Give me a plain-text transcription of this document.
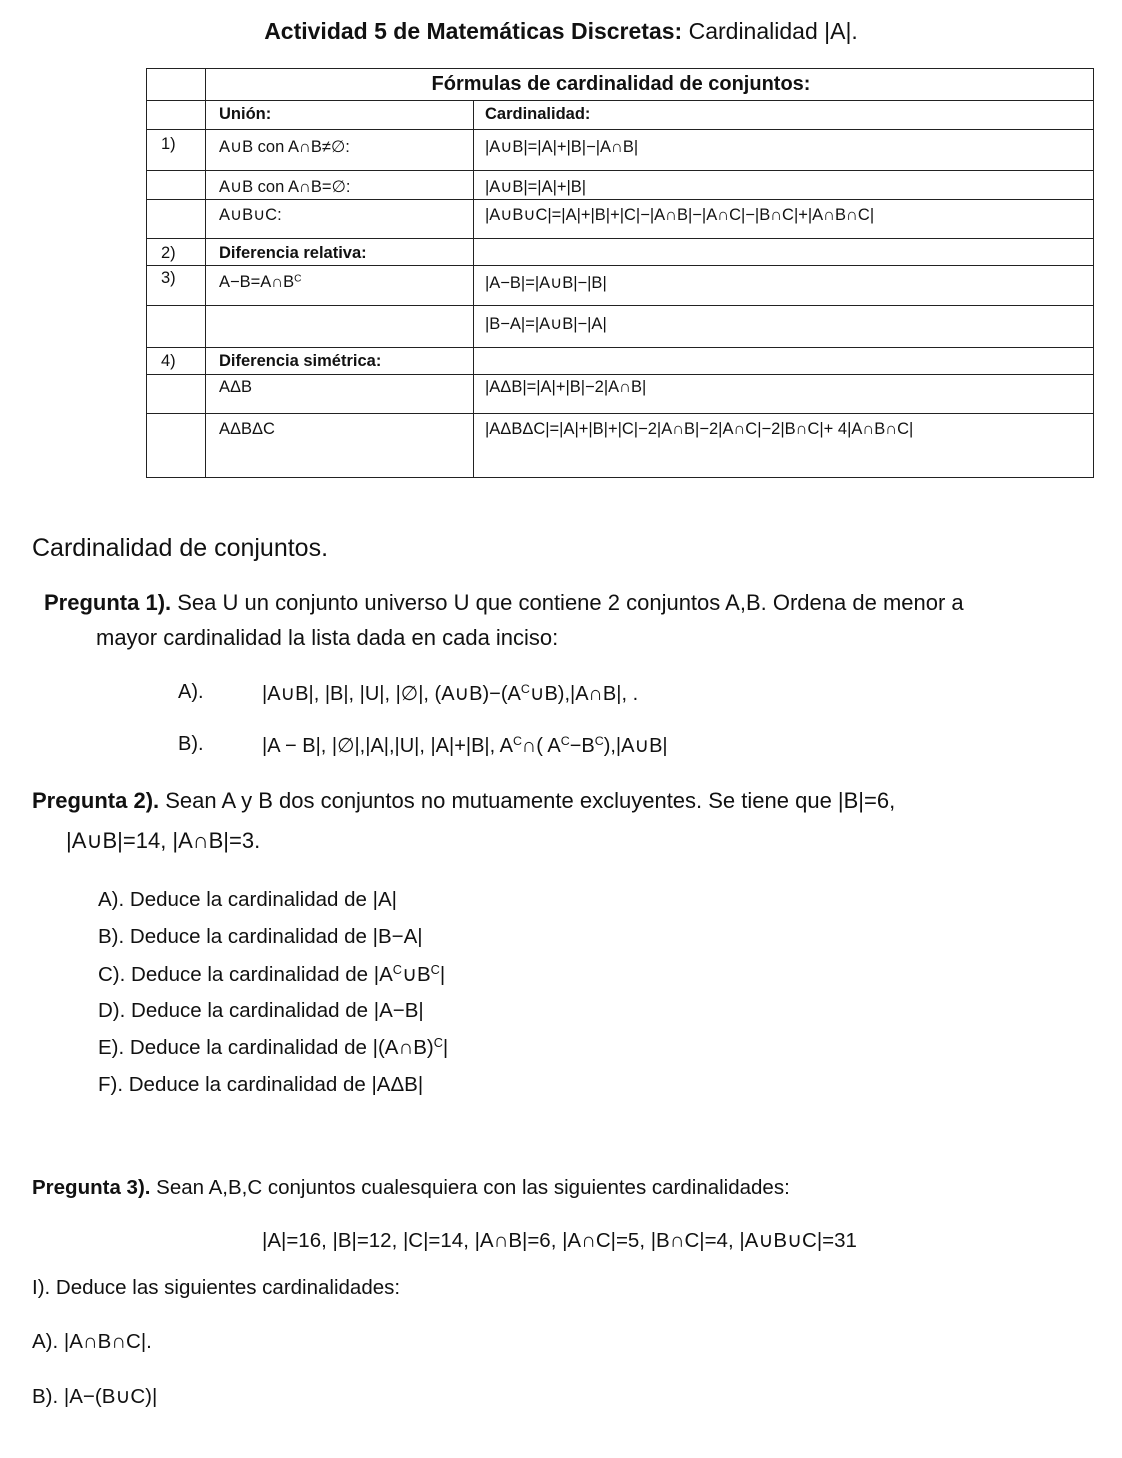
Actividad 5 de Matemáticas Discretas: Cardinalidad |A|.
Fórmulas de cardinalidad de conjuntos:
Unión:	Cardinalidad:
1)	A∪B con A∩B≠∅:	|A∪B|=|A|+|B|−|A∩B|
A∪B con A∩B=∅:	|A∪B|=|A|+|B|
A∪B∪C:	|A∪B∪C|=|A|+|B|+|C|−|A∩B|−|A∩C|−|B∩C|+|A∩B∩C|
2)	Diferencia relativa:
3)	$A-B=A\cap B^C$	|A−B|=|A∪B|−|B|
|B−A|=|A∪B|−|A|
4)	Diferencia simétrica:
AΔB	|AΔB|=|A|+|B|−2|A∩B|
AΔBΔC	|AΔBΔC|=|A|+|B|+|C|−2|A∩B|−2|A∩C|−2|B∩C|+ 4|A∩B∩C|
Cardinalidad de conjuntos.
Pregunta 1). Sea U un conjunto universo U que contiene 2 conjuntos A,B. Ordena de menor a
mayor cardinalidad la lista dada en cada inciso:
A).	|A∪B|, |B|, |U|, |∅|, $(A\cup B)-(A^C\cup B),|A\cap B|$, .
B).	|A − B|, |∅|,|A|,|U|, |A|+|B|, $A^C\cap$( $A^C-B^C),|A\cup B|$
Pregunta 2). Sean A y B dos conjuntos no mutuamente excluyentes. Se tiene que |B|=6,
|A∪B|=14, |A∩B|=3.
A). Deduce la cardinalidad de |A|
B). Deduce la cardinalidad de |B−A|
C). Deduce la cardinalidad de $|A^C\cup B^C|$
D). Deduce la cardinalidad de |A−B|
E). Deduce la cardinalidad de |(A∩B)$^C$|
F). Deduce la cardinalidad de |AΔB|
Pregunta 3). Sean A,B,C conjuntos cualesquiera con las siguientes cardinalidades:
|A|=16, |B|=12, |C|=14, |A∩B|=6, |A∩C|=5, |B∩C|=4, |A∪B∪C|=31
I). Deduce las siguientes cardinalidades:
A). |A∩B∩C|.
B). |A−(B∪C)|
